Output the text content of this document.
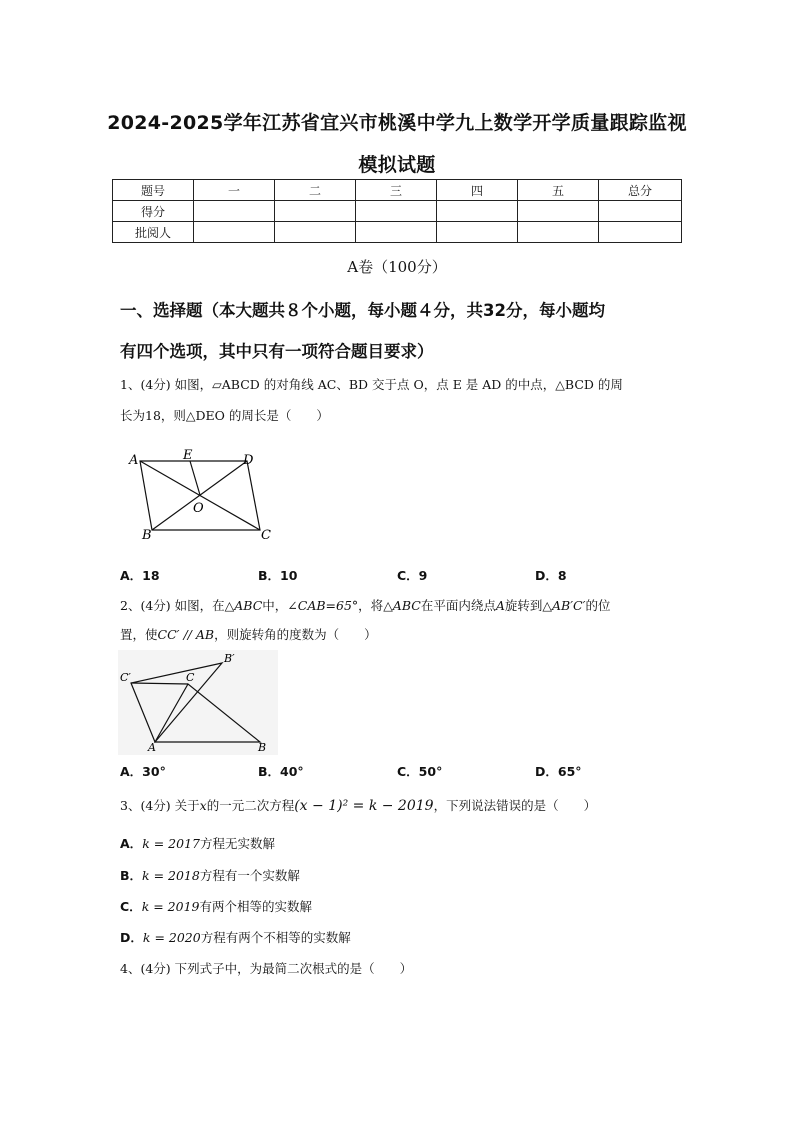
2024-2025学年江苏省宜兴市桃溪中学九上数学开学质量跟踪监视
模拟试题
题号	一	二	三	四	五	总分
得分						
批阅人						
A卷（100分）
一、选择题（本大题共８个小题，每小题４分，共32分，每小题均
有四个选项，其中只有一项符合题目要求）
1、(4分) 如图，▱ABCD 的对角线 AC、BD 交于点 O，点 E 是 AD 的中点，△BCD 的周
长为18，则△DEO 的周长是（　　）
A	E	D
O
B	C
A．18	B．10	C．9	D．8
2、(4分) 如图，在△ABC中，∠CAB=65°，将△ABC在平面内绕点A旋转到△AB′C′的位
置，使CC′ // AB，则旋转角的度数为（　　）
C′	C
B′
A	B
A．30°	B．40°	C．50°	D．65°
3、(4分) 关于x的一元二次方程(x − 1)² = k − 2019，下列说法错误的是（　　）
A．k = 2017方程无实数解
B．k = 2018方程有一个实数解
C．k = 2019有两个相等的实数解
D．k = 2020方程有两个不相等的实数解
4、(4分) 下列式子中，为最简二次根式的是（　　）
